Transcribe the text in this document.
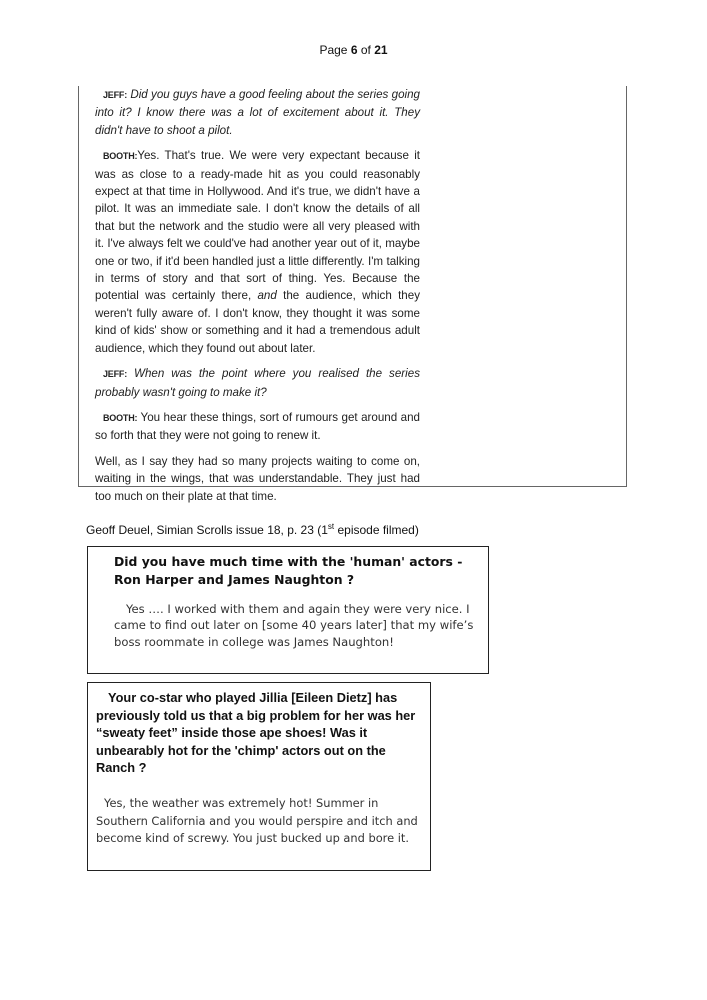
Page 6 of 21

JEFF: Did you guys have a good feeling about the series going into it? I know there was a lot of excitement about it. They didn't have to shoot a pilot.

BOOTH:Yes. That's true. We were very expectant because it was as close to a ready-made hit as you could reasonably expect at that time in Hollywood. And it's true, we didn't have a pilot. It was an immediate sale. I don't know the details of all that but the network and the studio were all very pleased with it. I've always felt we could've had another year out of it, maybe one or two, if it'd been handled just a little differently. I'm talking in terms of story and that sort of thing. Yes. Because the potential was certainly there, and the audience, which they weren't fully aware of. I don't know, they thought it was some kind of kids' show or something and it had a tremendous adult audience, which they found out about later.

JEFF: When was the point where you realised the series probably wasn't going to make it?

BOOTH: You hear these things, sort of rumours get around and so forth that they were not going to renew it.

Well, as I say they had so many projects waiting to come on, waiting in the wings, that was understandable. They just had too much on their plate at that time.

Geoff Deuel, Simian Scrolls issue 18, p. 23 (1st episode filmed)
Did you have much time with the 'human' actors - Ron Harper and James Naughton ?
Yes …. I worked with them and again they were very nice. I came to find out later on [some 40 years later] that my wife’s boss roommate in college was James Naughton!
Your co-star who played Jillia [Eileen Dietz] has previously told us that a big problem for her was her “sweaty feet” inside those ape shoes! Was it unbearably hot for the 'chimp' actors out on the Ranch ?
Yes, the weather was extremely hot! Summer in Southern California and you would perspire and itch and become kind of screwy. You just bucked up and bore it.
